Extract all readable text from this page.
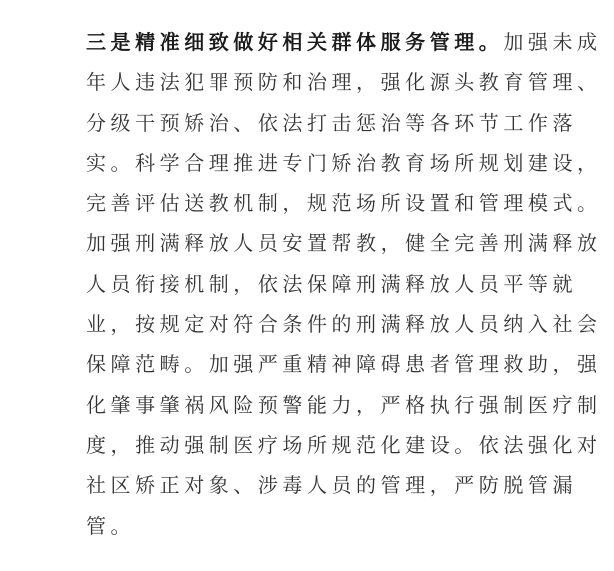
三是精准细致做好相关群体服务管理。加强未成
年人违法犯罪预防和治理，强化源头教育管理、
分级干预矫治、依法打击惩治等各环节工作落
实。科学合理推进专门矫治教育场所规划建设，
完善评估送教机制，规范场所设置和管理模式。
加强刑满释放人员安置帮教，健全完善刑满释放
人员衔接机制，依法保障刑满释放人员平等就
业，按规定对符合条件的刑满释放人员纳入社会
保障范畴。加强严重精神障碍患者管理救助，强
化肇事肇祸风险预警能力，严格执行强制医疗制
度，推动强制医疗场所规范化建设。依法强化对
社区矫正对象、涉毒人员的管理，严防脱管漏
管。
